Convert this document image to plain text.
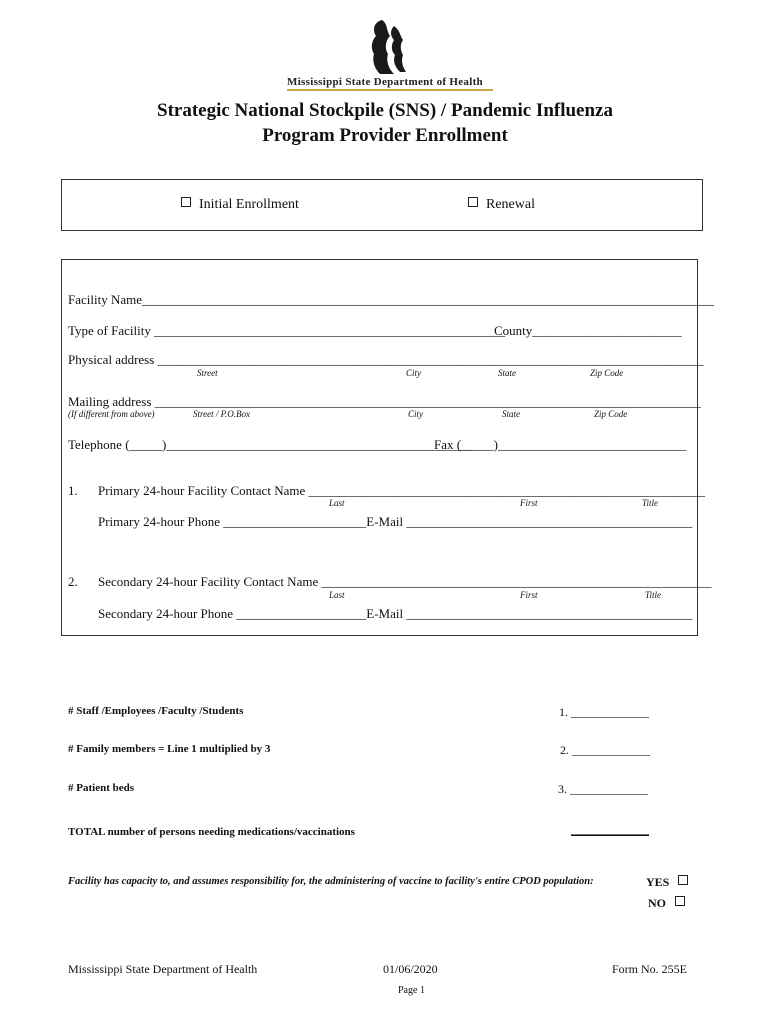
Mississippi State Department of Health
Strategic National Stockpile (SNS) / Pandemic Influenza
Program Provider Enrollment
Initial Enrollment	Renewal
Facility Name________________________________________________________________________________________
Type of Facility ______________________________________________________
County_______________________
Physical address ____________________________________________________________________________________
Street	City	State	Zip Code
Mailing address ____________________________________________________________________________________
(If different from above)	Street / P.O.Box	City	State	Zip Code
Telephone (_____)_______________________________________________
Fax (_____)_____________________________
1. Primary 24-hour Facility Contact Name _____________________________________________________________
Last	First	Title
Primary 24-hour Phone ______________________E-Mail ____________________________________________
2. Secondary 24-hour Facility Contact Name ____________________________________________________________
Last	First	Title
Secondary 24-hour Phone ____________________E-Mail ____________________________________________
# Staff /Employees /Faculty /Students	1. _____________
# Family members = Line 1 multiplied by 3	2. _____________
# Patient beds	3. _____________
TOTAL number of persons needing medications/vaccinations	_____________
Facility has capacity to, and assumes responsibility for, the administering of vaccine to facility's entire CPOD population:	YES
NO
Mississippi State Department of Health	01/06/2020	Form No. 255E
Page 1
